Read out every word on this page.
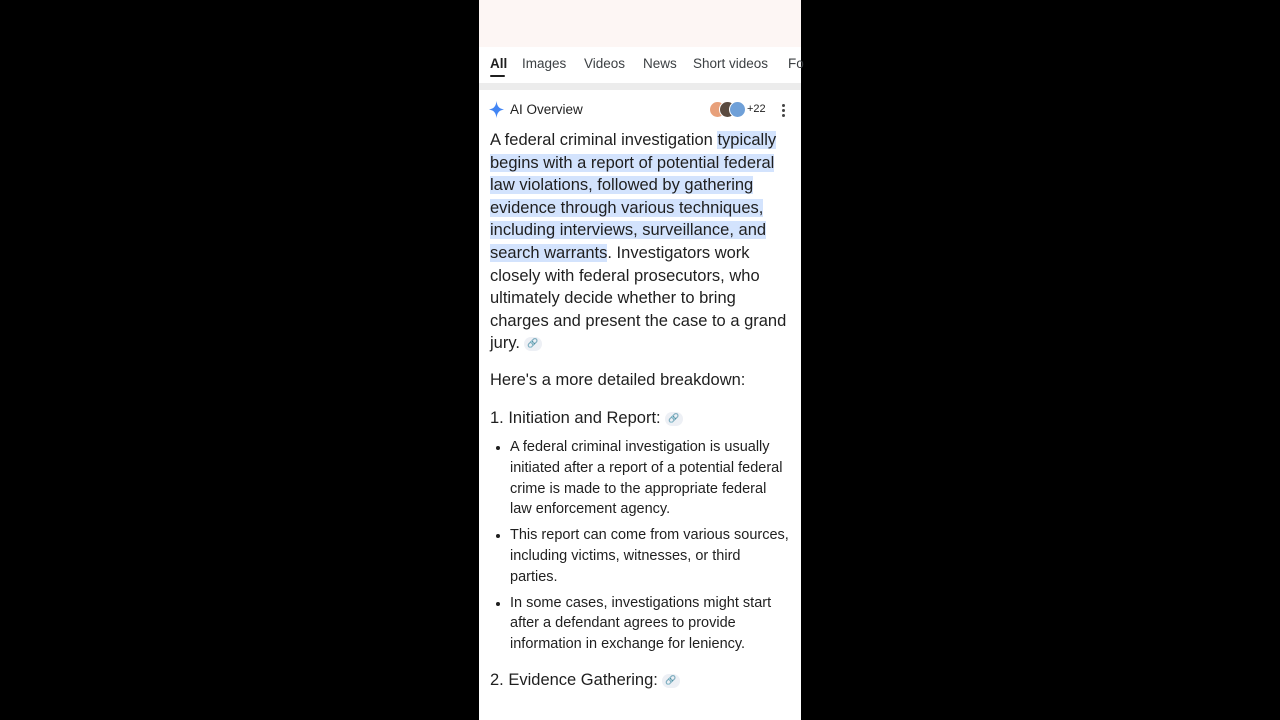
All Images Videos News Short videos Fo
AI Overview	+22

A federal criminal investigation typically begins with a report of potential federal law violations, followed by gathering evidence through various techniques, including interviews, surveillance, and search warrants. Investigators work closely with federal prosecutors, who ultimately decide whether to bring charges and present the case to a grand jury. 🔗

Here's a more detailed breakdown:

1. Initiation and Report: 🔗
• A federal criminal investigation is usually initiated after a report of a potential federal crime is made to the appropriate federal law enforcement agency.
• This report can come from various sources, including victims, witnesses, or third parties.
• In some cases, investigations might start after a defendant agrees to provide information in exchange for leniency.
2. Evidence Gathering: 🔗
